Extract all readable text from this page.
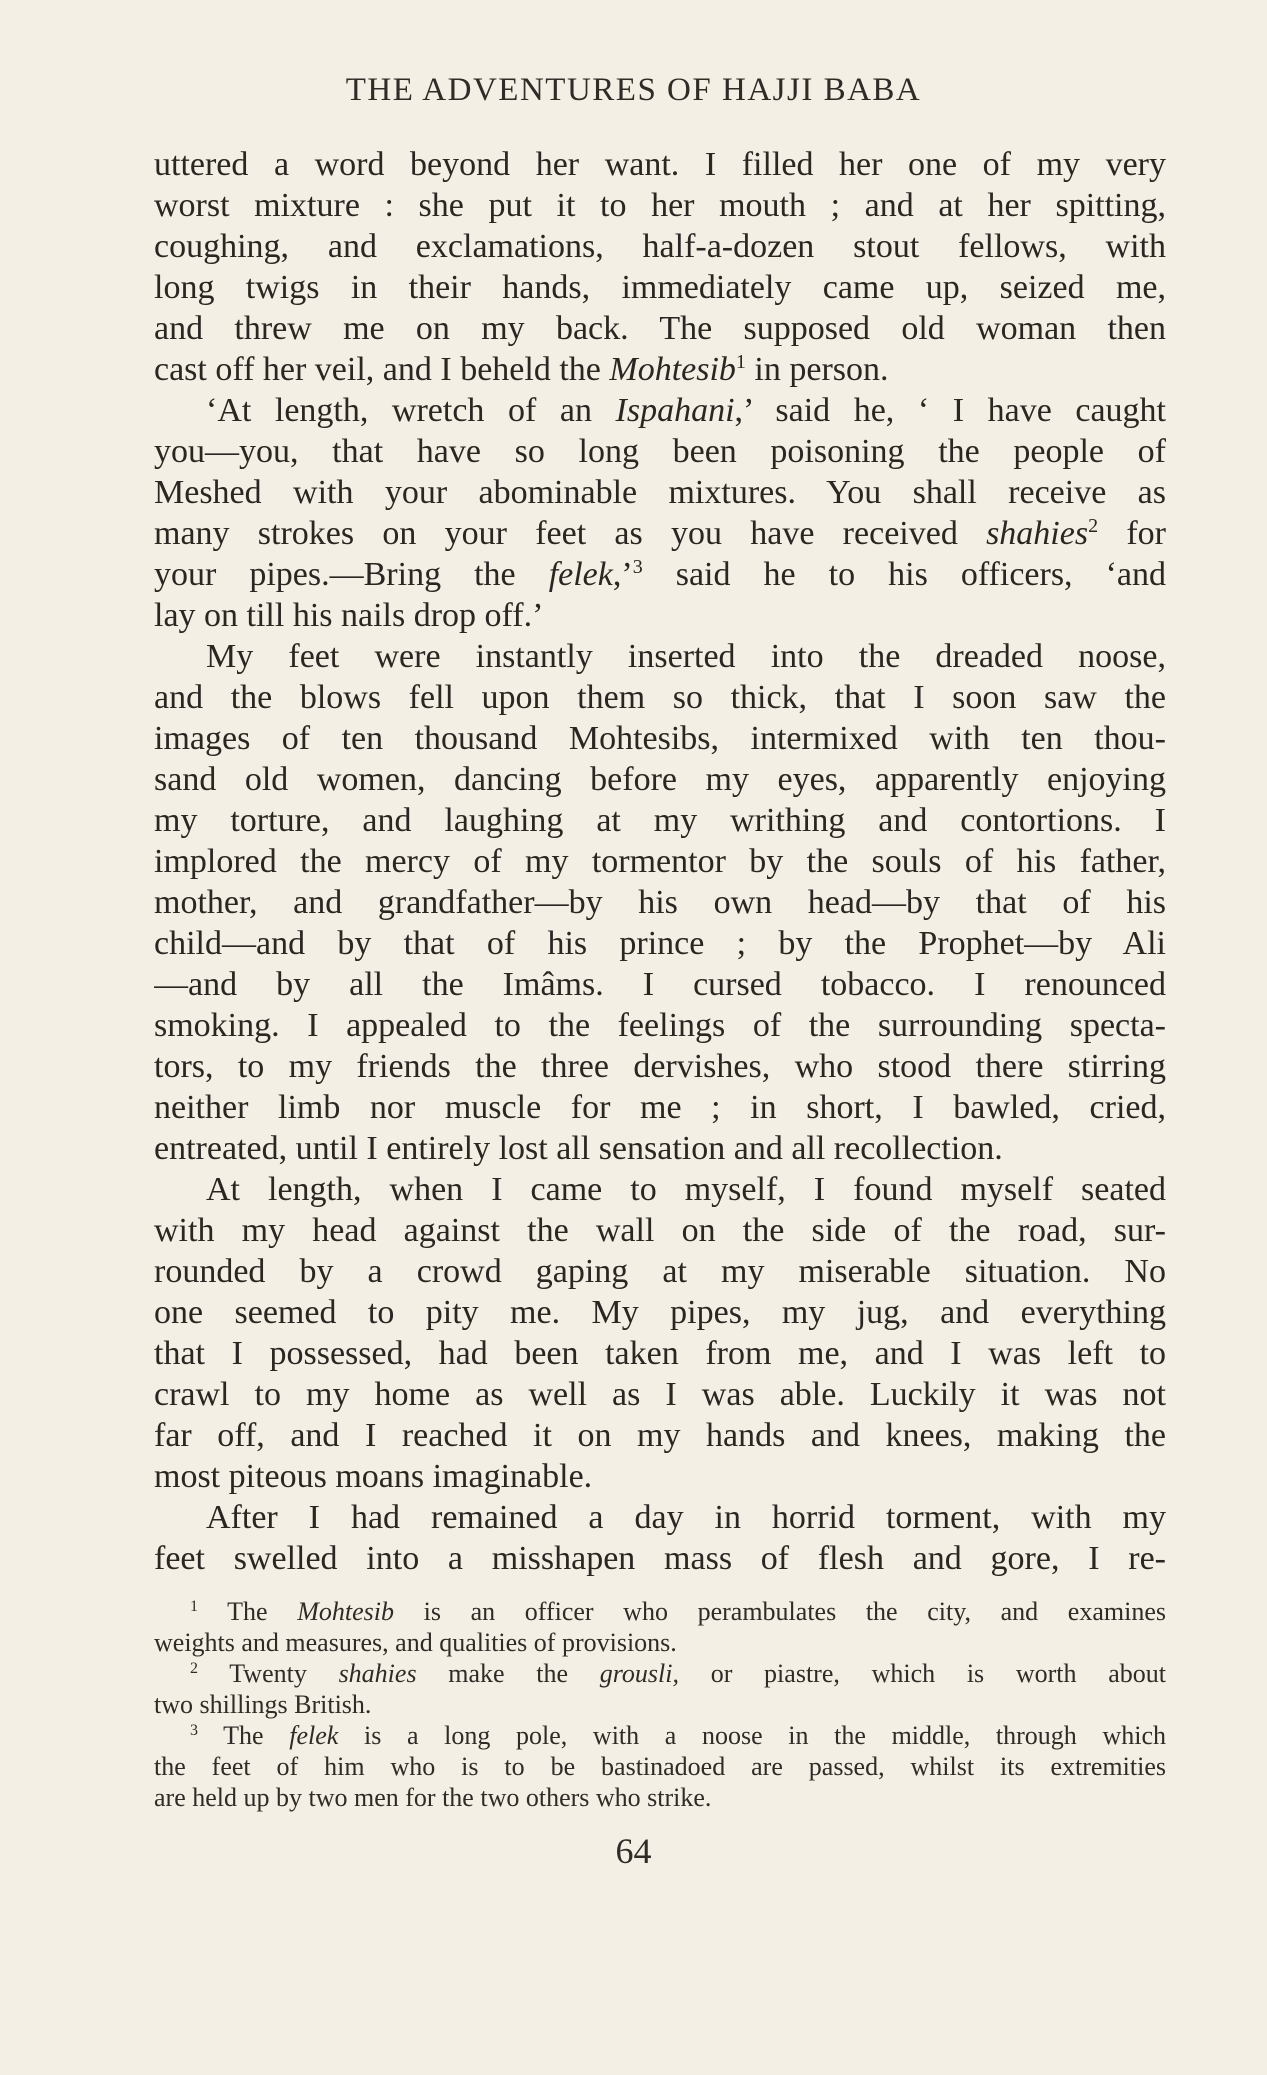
THE ADVENTURES OF HAJJI BABA
uttered a word beyond her want. I filled her one of my very
worst mixture : she put it to her mouth ; and at her spitting,
coughing, and exclamations, half-a-dozen stout fellows, with
long twigs in their hands, immediately came up, seized me,
and threw me on my back. The supposed old woman then
cast off her veil, and I beheld the Mohtesib$^1$ in person.
‘At length, wretch of an Ispahani,’ said he, ‘ I have caught
you—you, that have so long been poisoning the people of
Meshed with your abominable mixtures. You shall receive as
many strokes on your feet as you have received shahies$^2$ for
your pipes.—Bring the felek,’$^3$ said he to his officers, ‘and
lay on till his nails drop off.’
My feet were instantly inserted into the dreaded noose,
and the blows fell upon them so thick, that I soon saw the
images of ten thousand Mohtesibs, intermixed with ten thou-
sand old women, dancing before my eyes, apparently enjoying
my torture, and laughing at my writhing and contortions. I
implored the mercy of my tormentor by the souls of his father,
mother, and grandfather—by his own head—by that of his
child—and by that of his prince ; by the Prophet—by Ali
—and by all the Imâms. I cursed tobacco. I renounced
smoking. I appealed to the feelings of the surrounding specta-
tors, to my friends the three dervishes, who stood there stirring
neither limb nor muscle for me ; in short, I bawled, cried,
entreated, until I entirely lost all sensation and all recollection.
At length, when I came to myself, I found myself seated
with my head against the wall on the side of the road, sur-
rounded by a crowd gaping at my miserable situation. No
one seemed to pity me. My pipes, my jug, and everything
that I possessed, had been taken from me, and I was left to
crawl to my home as well as I was able. Luckily it was not
far off, and I reached it on my hands and knees, making the
most piteous moans imaginable.
After I had remained a day in horrid torment, with my
feet swelled into a misshapen mass of flesh and gore, I re-
$^1$ The Mohtesib is an officer who perambulates the city, and examines
weights and measures, and qualities of provisions.
$^2$ Twenty shahies make the grousli, or piastre, which is worth about
two shillings British.
$^3$ The felek is a long pole, with a noose in the middle, through which
the feet of him who is to be bastinadoed are passed, whilst its extremities
are held up by two men for the two others who strike.
64
